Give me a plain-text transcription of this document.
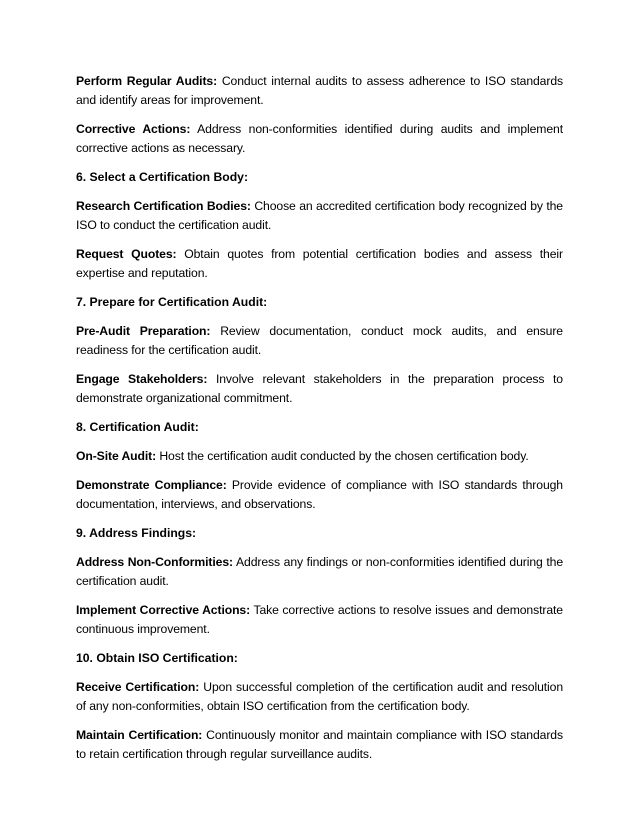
Perform Regular Audits: Conduct internal audits to assess adherence to ISO standards and identify areas for improvement.

Corrective Actions: Address non-conformities identified during audits and implement corrective actions as necessary.

6. Select a Certification Body:

Research Certification Bodies: Choose an accredited certification body recognized by the ISO to conduct the certification audit.

Request Quotes: Obtain quotes from potential certification bodies and assess their expertise and reputation.

7. Prepare for Certification Audit:

Pre-Audit Preparation: Review documentation, conduct mock audits, and ensure readiness for the certification audit.

Engage Stakeholders: Involve relevant stakeholders in the preparation process to demonstrate organizational commitment.

8. Certification Audit:

On-Site Audit: Host the certification audit conducted by the chosen certification body.

Demonstrate Compliance: Provide evidence of compliance with ISO standards through documentation, interviews, and observations.

9. Address Findings:

Address Non-Conformities: Address any findings or non-conformities identified during the certification audit.

Implement Corrective Actions: Take corrective actions to resolve issues and demonstrate continuous improvement.

10. Obtain ISO Certification:

Receive Certification: Upon successful completion of the certification audit and resolution of any non-conformities, obtain ISO certification from the certification body.

Maintain Certification: Continuously monitor and maintain compliance with ISO standards to retain certification through regular surveillance audits.
